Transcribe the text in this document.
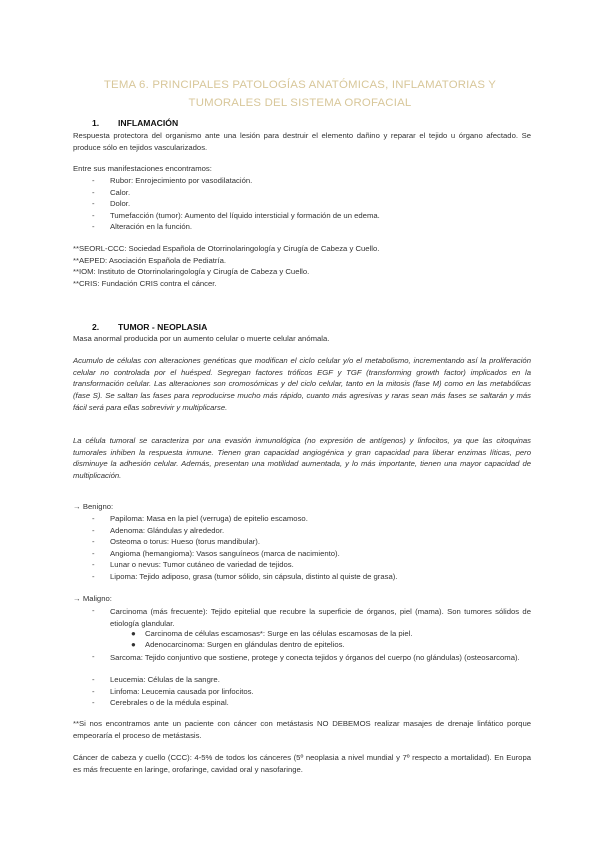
TEMA 6. PRINCIPALES PATOLOGÍAS ANATÓMICAS, INFLAMATORIAS Y
TUMORALES DEL SISTEMA OROFACIAL
1. INFLAMACIÓN
Respuesta protectora del organismo ante una lesión para destruir el elemento dañino y reparar el tejido u órgano afectado. Se produce sólo en tejidos vascularizados.
Entre sus manifestaciones encontramos:
- Rubor: Enrojecimiento por vasodilatación.
- Calor.
- Dolor.
- Tumefacción (tumor): Aumento del líquido intersticial y formación de un edema.
- Alteración en la función.
**SEORL-CCC: Sociedad Española de Otorrinolaringología y Cirugía de Cabeza y Cuello.
**AEPED: Asociación Española de Pediatría.
**IOM: Instituto de Otorrinolaringología y Cirugía de Cabeza y Cuello.
**CRIS: Fundación CRIS contra el cáncer.
2. TUMOR - NEOPLASIA
Masa anormal producida por un aumento celular o muerte celular anómala.
Acumulo de células con alteraciones genéticas que modifican el ciclo celular y/o el metabolismo, incrementando así la proliferación celular no controlada por el huésped. Segregan factores tróficos EGF y TGF (transforming growth factor) implicados en la transformación celular. Las alteraciones son cromosómicas y del ciclo celular, tanto en la mitosis (fase M) como en las metabólicas (fase S). Se saltan las fases para reproducirse mucho más rápido, cuanto más agresivas y raras sean más fases se saltarán y más fácil será para ellas sobrevivir y multiplicarse.
La célula tumoral se caracteriza por una evasión inmunológica (no expresión de antígenos) y linfocitos, ya que las citoquinas tumorales inhiben la respuesta inmune. Tienen gran capacidad angiogénica y gran capacidad para liberar enzimas líticas, pero disminuye la adhesión celular. Además, presentan una motilidad aumentada, y lo más importante, tienen una mayor capacidad de multiplicación.
→ Benigno:
- Papiloma: Masa en la piel (verruga) de epitelio escamoso.
- Adenoma: Glándulas y alrededor.
- Osteoma o torus: Hueso (torus mandibular).
- Angioma (hemangioma): Vasos sanguíneos (marca de nacimiento).
- Lunar o nevus: Tumor cutáneo de variedad de tejidos.
- Lipoma: Tejido adiposo, grasa (tumor sólido, sin cápsula, distinto al quiste de grasa).
→ Maligno:
- Carcinoma (más frecuente): Tejido epitelial que recubre la superficie de órganos, piel (mama). Son tumores sólidos de etiología glandular.
● Carcinoma de células escamosas*: Surge en las células escamosas de la piel.
● Adenocarcinoma: Surgen en glándulas dentro de epitelios.
- Sarcoma: Tejido conjuntivo que sostiene, protege y conecta tejidos y órganos del cuerpo (no glándulas) (osteosarcoma).
- Leucemia: Células de la sangre.
- Linfoma: Leucemia causada por linfocitos.
- Cerebrales o de la médula espinal.
**Si nos encontramos ante un paciente con cáncer con metástasis NO DEBEMOS realizar masajes de drenaje linfático porque empeoraría el proceso de metástasis.
Cáncer de cabeza y cuello (CCC): 4-5% de todos los cánceres (5º neoplasia a nivel mundial y 7º respecto a mortalidad). En Europa es más frecuente en laringe, orofaringe, cavidad oral y nasofaringe.
